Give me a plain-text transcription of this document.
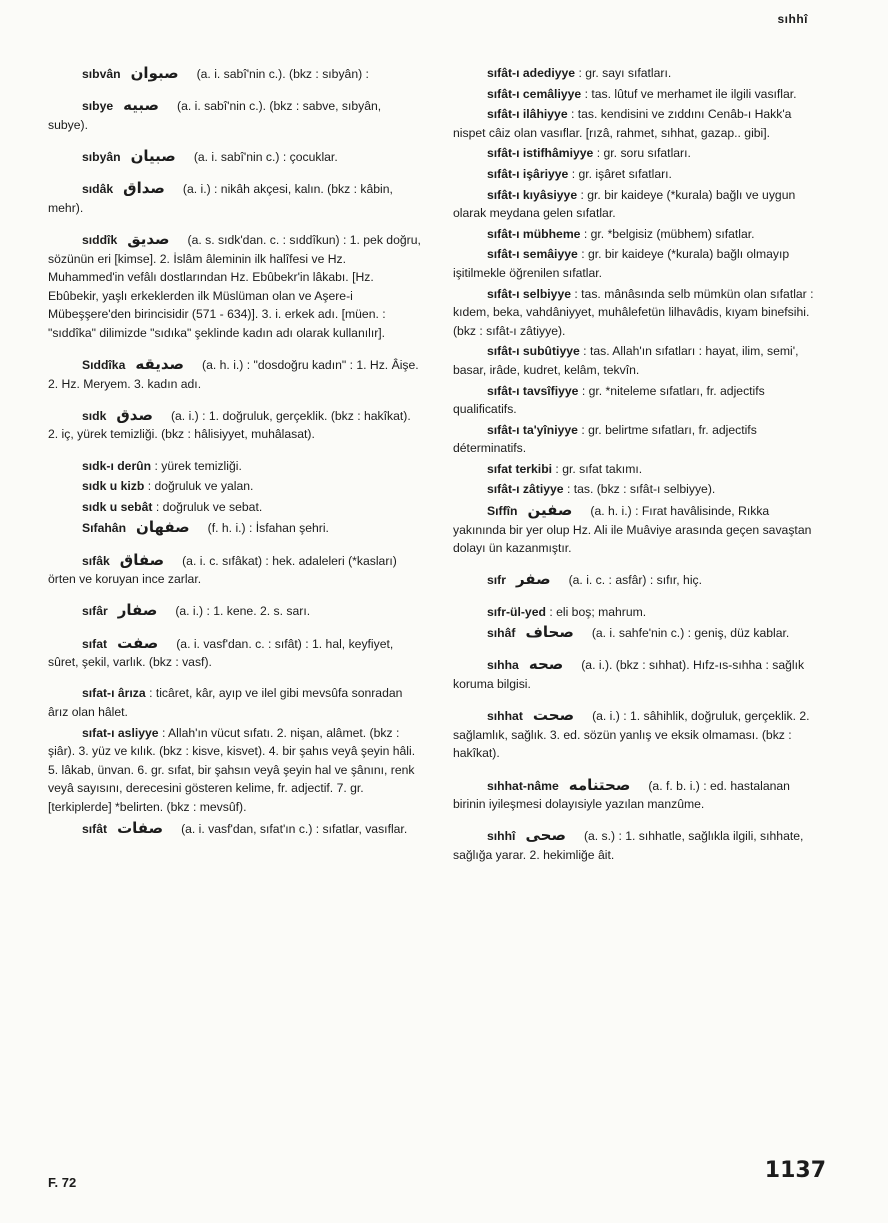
sıhhî

sıbvân صبوان (a. i. sabî'nin c.). (bkz : sıbyân) :

sıbye صبيه (a. i. sabî'nin c.). (bkz : sabve, sıbyân, subye).

sıbyân صبيان (a. i. sabî'nin c.) : çocuklar.

sıdâk صداق (a. i.) : nikâh akçesi, kalın. (bkz : kâbin, mehr).

sıddîk صديق (a. s. sıdk'dan. c. : sıddîkun) : 1. pek doğru, sözünün eri [kimse]. 2. İslâm âleminin ilk halîfesi ve Hz. Muhammed'in vefâlı dostlarından Hz. Ebûbekr'in lâkabı. [Hz. Ebûbekir, yaşlı erkeklerden ilk Müslüman olan ve Aşere-i Mübeşşere'den birincisidir (571 - 634)]. 3. i. erkek adı. [müen. : "sıddîka" dilimizde "sıdıka" şeklinde kadın adı olarak kullanılır].

Sıddîka صديقه (a. h. i.) : "dosdoğru kadın" : 1. Hz. Âişe. 2. Hz. Meryem. 3. kadın adı.

sıdk صدق (a. i.) : 1. doğruluk, gerçeklik. (bkz : hakîkat). 2. iç, yürek temizliği. (bkz : hâlisiyyet, muhâlasat).

sıdk-ı derûn : yürek temizliği.

sıdk u kizb : doğruluk ve yalan.

sıdk u sebât : doğruluk ve sebat.

Sıfahân صفهان (f. h. i.) : İsfahan şehri.

sıfâk صفاق (a. i. c. sıfâkat) : hek. adaleleri (*kasları) örten ve koruyan ince zarlar.

sıfâr صفار (a. i.) : 1. kene. 2. s. sarı.

sıfat صفت (a. i. vasf'dan. c. : sıfât) : 1. hal, keyfiyet, sûret, şekil, varlık. (bkz : vasf).

sıfat-ı ârıza : ticâret, kâr, ayıp ve ilel gibi mevsûfa sonradan ârız olan hâlet.

sıfat-ı asliyye : Allah'ın vücut sıfatı. 2. nişan, alâmet. (bkz : şiâr). 3. yüz ve kılık. (bkz : kisve, kisvet). 4. bir şahıs veyâ şeyin hâli. 5. lâkab, ünvan. 6. gr. sıfat, bir şahsın veyâ şeyin hal ve şânını, renk veyâ sayısını, derecesini gösteren kelime, fr. adjectif. 7. gr. [terkiplerde] *belirten. (bkz : mevsûf).

sıfât صفات (a. i. vasf'dan, sıfat'ın c.) : sıfatlar, vasıflar.

sıfât-ı adediyye : gr. sayı sıfatları.

sıfât-ı cemâliyye : tas. lûtuf ve merhamet ile ilgili vasıflar.

sıfât-ı ilâhiyye : tas. kendisini ve zıddını Cenâb-ı Hakk'a nispet câiz olan vasıflar. [rızâ, rahmet, sıhhat, gazap.. gibi].

sıfât-ı istifhâmiyye : gr. soru sıfatları.

sıfât-ı işâriyye : gr. işâret sıfatları.

sıfât-ı kıyâsiyye : gr. bir kaideye (*kurala) bağlı ve uygun olarak meydana gelen sıfatlar.

sıfât-ı mübheme : gr. *belgisiz (mübhem) sıfatlar.

sıfât-ı semâiyye : gr. bir kaideye (*kurala) bağlı olmayıp işitilmekle öğrenilen sıfatlar.

sıfât-ı selbiyye : tas. mânâsında selb mümkün olan sıfatlar : kıdem, beka, vahdâniyyet, muhâlefetün lilhavâdis, kıyam binefsihi. (bkz : sıfât-ı zâtiyye).

sıfât-ı subûtiyye : tas. Allah'ın sıfatları : hayat, ilim, semi', basar, irâde, kudret, kelâm, tekvîn.

sıfât-ı tavsîfiyye : gr. *niteleme sıfatları, fr. adjectifs qualificatifs.

sıfât-ı ta'yîniyye : gr. belirtme sıfatları, fr. adjectifs déterminatifs.

sıfat terkibi : gr. sıfat takımı.

sıfât-ı zâtiyye : tas. (bkz : sıfât-ı selbiyye).

Sıffîn صفين (a. h. i.) : Fırat havâlisinde, Rıkka yakınında bir yer olup Hz. Ali ile Muâviye arasında geçen savaştan dolayı ün kazanmıştır.

sıfr صفر (a. i. c. : asfâr) : sıfır, hiç.

sıfr-ül-yed : eli boş; mahrum.

sıhâf صحاف (a. i. sahfe'nin c.) : geniş, düz kablar.

sıhha صحه (a. i.). (bkz : sıhhat). Hıfz-ıs-sıhha : sağlık koruma bilgisi.

sıhhat صحت (a. i.) : 1. sâhihlik, doğruluk, gerçeklik. 2. sağlamlık, sağlık. 3. ed. sözün yanlış ve eksik olmaması. (bkz : hakîkat).

sıhhat-nâme صحتنامه (a. f. b. i.) : ed. hastalanan birinin iyileşmesi dolayısiyle yazılan manzûme.

sıhhî صحى (a. s.) : 1. sıhhatle, sağlıkla ilgili, sıhhate, sağlığa yarar. 2. hekimliğe âit.

F. 72	1137
